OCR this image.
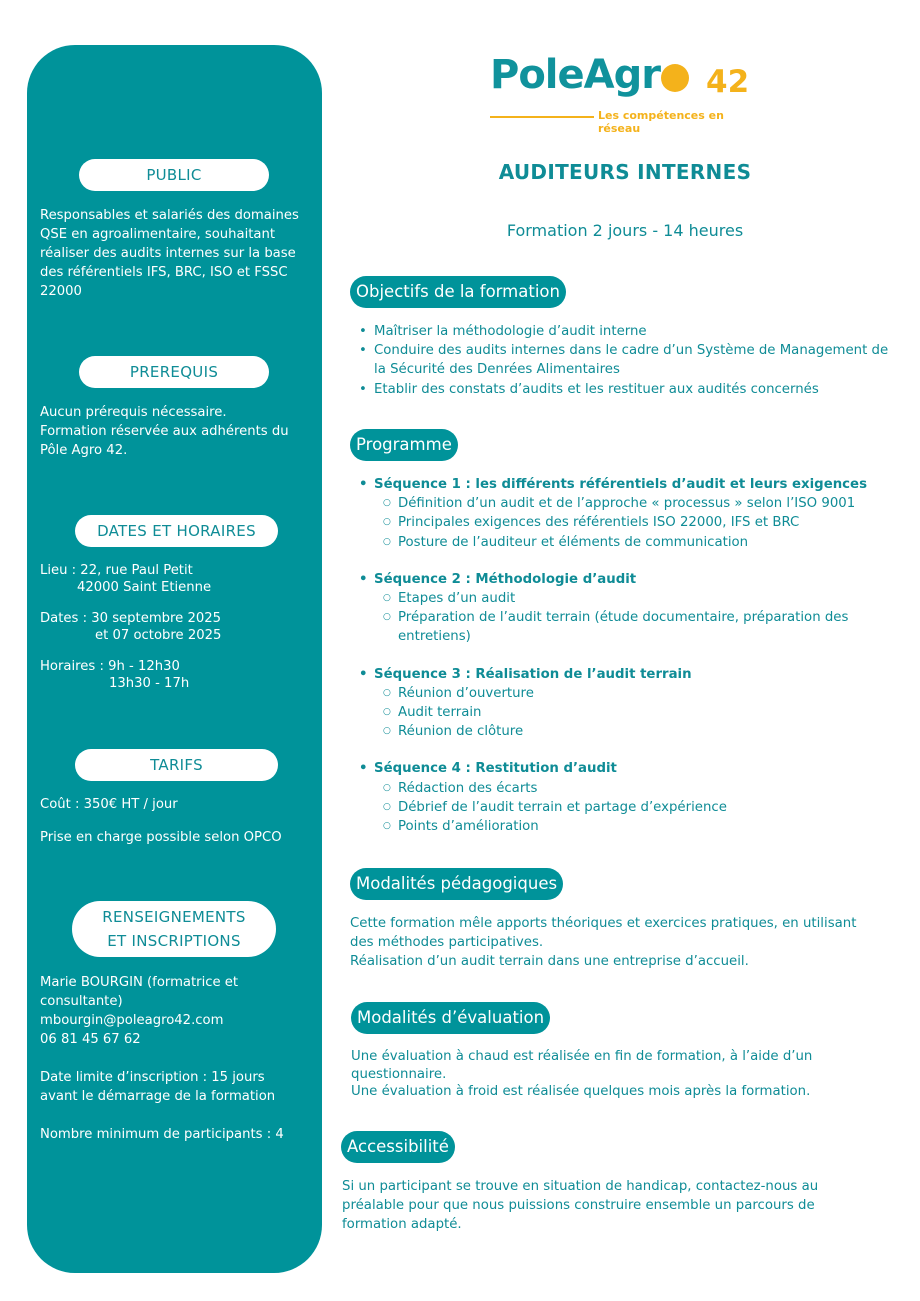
PUBLIC
Responsables et salariés des domaines QSE en agroalimentaire, souhaitant réaliser des audits internes sur la base des référentiels IFS, BRC, ISO et FSSC 22000
PREREQUIS

Aucun prérequis nécessaire.

Formation réservée aux adhérents du Pôle Agro 42.

DATES ET HORAIRES

Lieu : 22, rue Paul Petit

42000 Saint Etienne

Dates : 30 septembre 2025

et 07 octobre 2025

Horaires : 9h - 12h30

13h30 - 17h

TARIFS

Coût : 350€ HT / jour

Prise en charge possible selon OPCO

RENSEIGNEMENTS
ET INSCRIPTIONS

Marie BOURGIN (formatrice et consultante)

mbourgin@poleagro42.com

06 81 45 67 62

Date limite d’inscription : 15 jours avant le démarrage de la formation

Nombre minimum de participants : 4

PoleAgr	42
Les compétences en réseau
AUDITEURS INTERNES
Formation 2 jours - 14 heures
Objectifs de la formation
• Maîtriser la méthodologie d’audit interne
• Conduire des audits internes dans le cadre d’un Système de Management de la Sécurité des Denrées Alimentaires
• Etablir des constats d’audits et les restituer aux audités concernés
Programme
• Séquence 1 : les différents référentiels d’audit et leurs exigences
○ Définition d’un audit et de l’approche « processus » selon l’ISO 9001
○ Principales exigences des référentiels ISO 22000, IFS et BRC
○ Posture de l’auditeur et éléments de communication
• Séquence 2 : Méthodologie d’audit
○ Etapes d’un audit
○ Préparation de l’audit terrain (étude documentaire, préparation des entretiens)
• Séquence 3 : Réalisation de l’audit terrain
○ Réunion d’ouverture
○ Audit terrain
○ Réunion de clôture
• Séquence 4 : Restitution d’audit
○ Rédaction des écarts
○ Débrief de l’audit terrain et partage d’expérience
○ Points d’amélioration
Modalités pédagogiques

Cette formation mêle apports théoriques et exercices pratiques, en utilisant des méthodes participatives.

Réalisation d’un audit terrain dans une entreprise d’accueil.

Modalités d’évaluation

Une évaluation à chaud est réalisée en fin de formation, à l’aide d’un questionnaire.

Une évaluation à froid est réalisée quelques mois après la formation.

Accessibilité
Si un participant se trouve en situation de handicap, contactez-nous au préalable pour que nous puissions construire ensemble un parcours de formation adapté.
